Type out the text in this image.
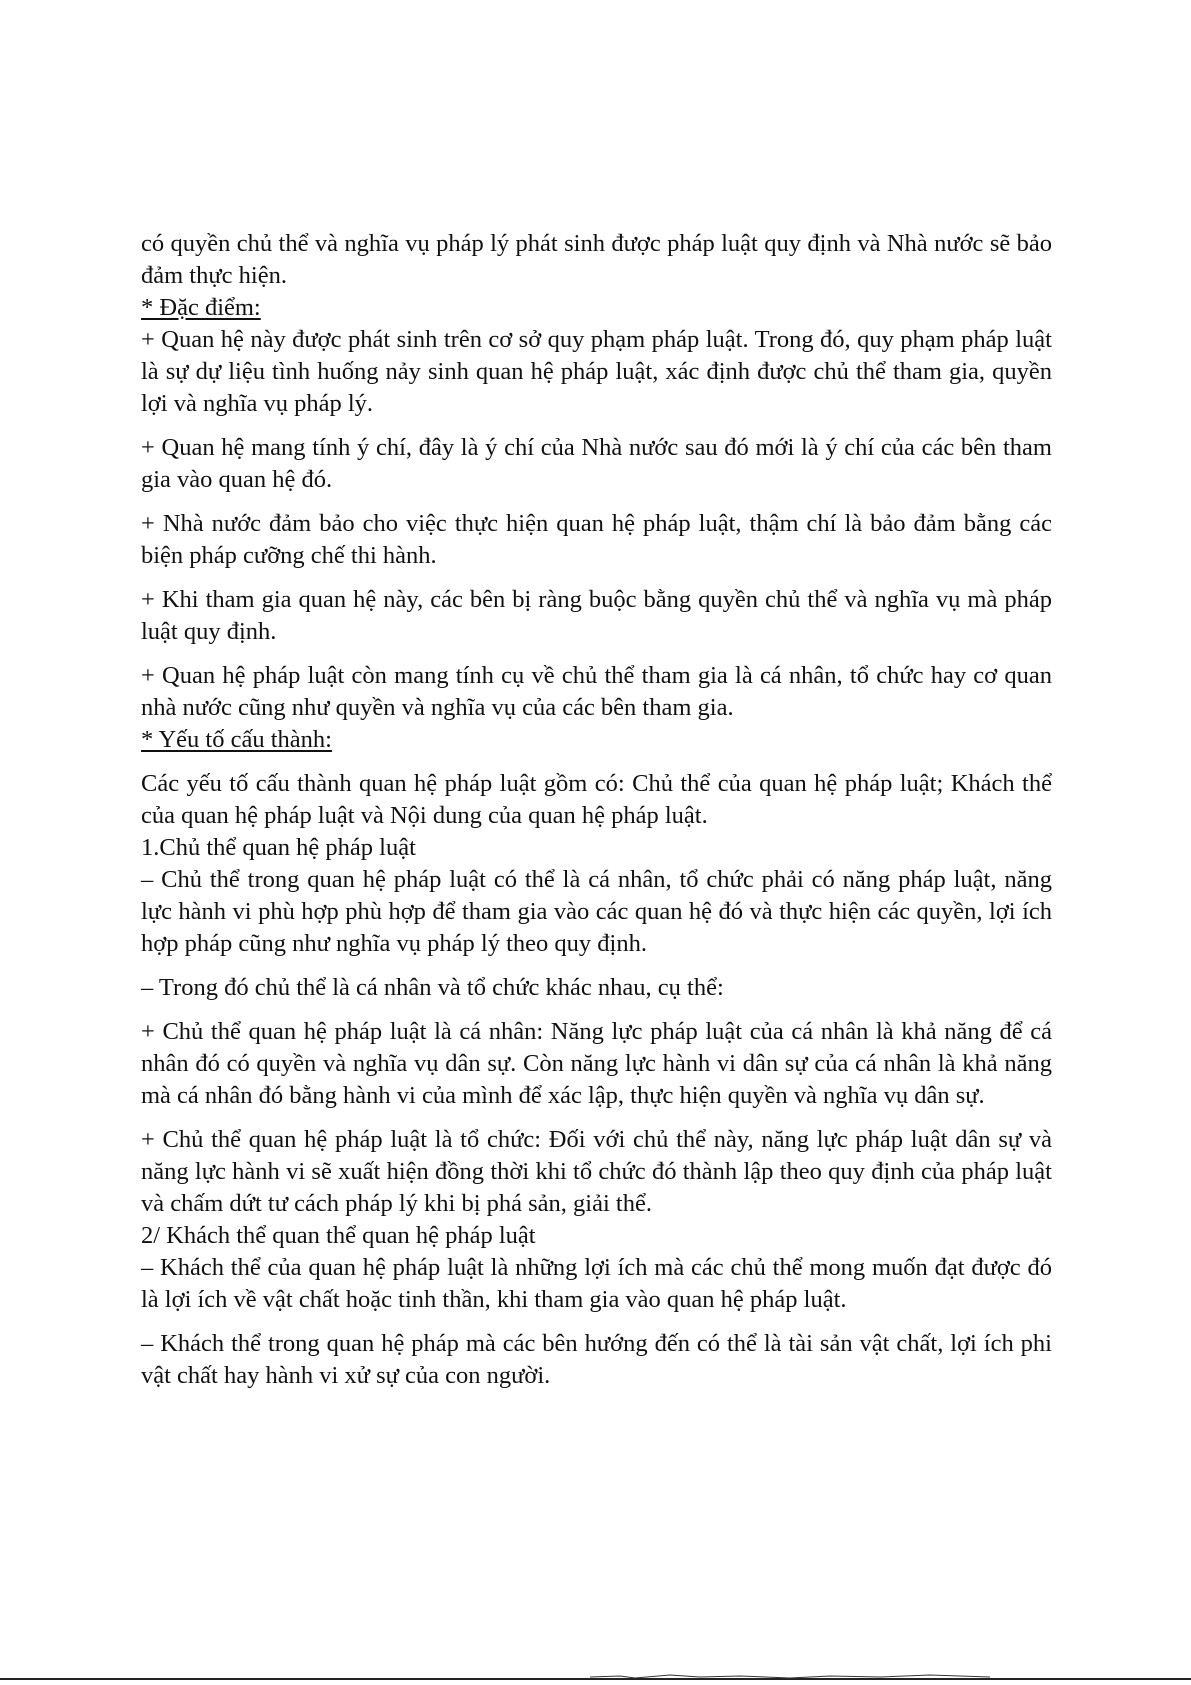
có quyền chủ thể và nghĩa vụ pháp lý phát sinh được pháp luật quy định và Nhà nước sẽ bảo đảm thực hiện.

* Đặc điểm:

+ Quan hệ này được phát sinh trên cơ sở quy phạm pháp luật. Trong đó, quy phạm pháp luật là sự dự liệu tình huống nảy sinh quan hệ pháp luật, xác định được chủ thể tham gia, quyền lợi và nghĩa vụ pháp lý.

+ Quan hệ mang tính ý chí, đây là ý chí của Nhà nước sau đó mới là ý chí của các bên tham gia vào quan hệ đó.

+ Nhà nước đảm bảo cho việc thực hiện quan hệ pháp luật, thậm chí là bảo đảm bằng các biện pháp cưỡng chế thi hành.

+ Khi tham gia quan hệ này, các bên bị ràng buộc bằng quyền chủ thể và nghĩa vụ mà pháp luật quy định.

+ Quan hệ pháp luật còn mang tính cụ về chủ thể tham gia là cá nhân, tổ chức hay cơ quan nhà nước cũng như quyền và nghĩa vụ của các bên tham gia.

* Yếu tố cấu thành:

Các yếu tố cấu thành quan hệ pháp luật gồm có: Chủ thể của quan hệ pháp luật; Khách thể của quan hệ pháp luật và Nội dung của quan hệ pháp luật.

1.Chủ thể quan hệ pháp luật

– Chủ thể trong quan hệ pháp luật có thể là cá nhân, tổ chức phải có năng pháp luật, năng lực hành vi phù hợp phù hợp để tham gia vào các quan hệ đó và thực hiện các quyền, lợi ích hợp pháp cũng như nghĩa vụ pháp lý theo quy định.

– Trong đó chủ thể là cá nhân và tổ chức khác nhau, cụ thể:

+ Chủ thể quan hệ pháp luật là cá nhân: Năng lực pháp luật của cá nhân là khả năng để cá nhân đó có quyền và nghĩa vụ dân sự. Còn năng lực hành vi dân sự của cá nhân là khả năng mà cá nhân đó bằng hành vi của mình để xác lập, thực hiện quyền và nghĩa vụ dân sự.

+ Chủ thể quan hệ pháp luật là tổ chức: Đối với chủ thể này, năng lực pháp luật dân sự và năng lực hành vi sẽ xuất hiện đồng thời khi tổ chức đó thành lập theo quy định của pháp luật và chấm dứt tư cách pháp lý khi bị phá sản, giải thể.

2/ Khách thể quan thể quan hệ pháp luật

– Khách thể của quan hệ pháp luật là những lợi ích mà các chủ thể mong muốn đạt được đó là lợi ích về vật chất hoặc tinh thần, khi tham gia vào quan hệ pháp luật.

– Khách thể trong quan hệ pháp mà các bên hướng đến có thể là tài sản vật chất, lợi ích phi vật chất hay hành vi xử sự của con người.
